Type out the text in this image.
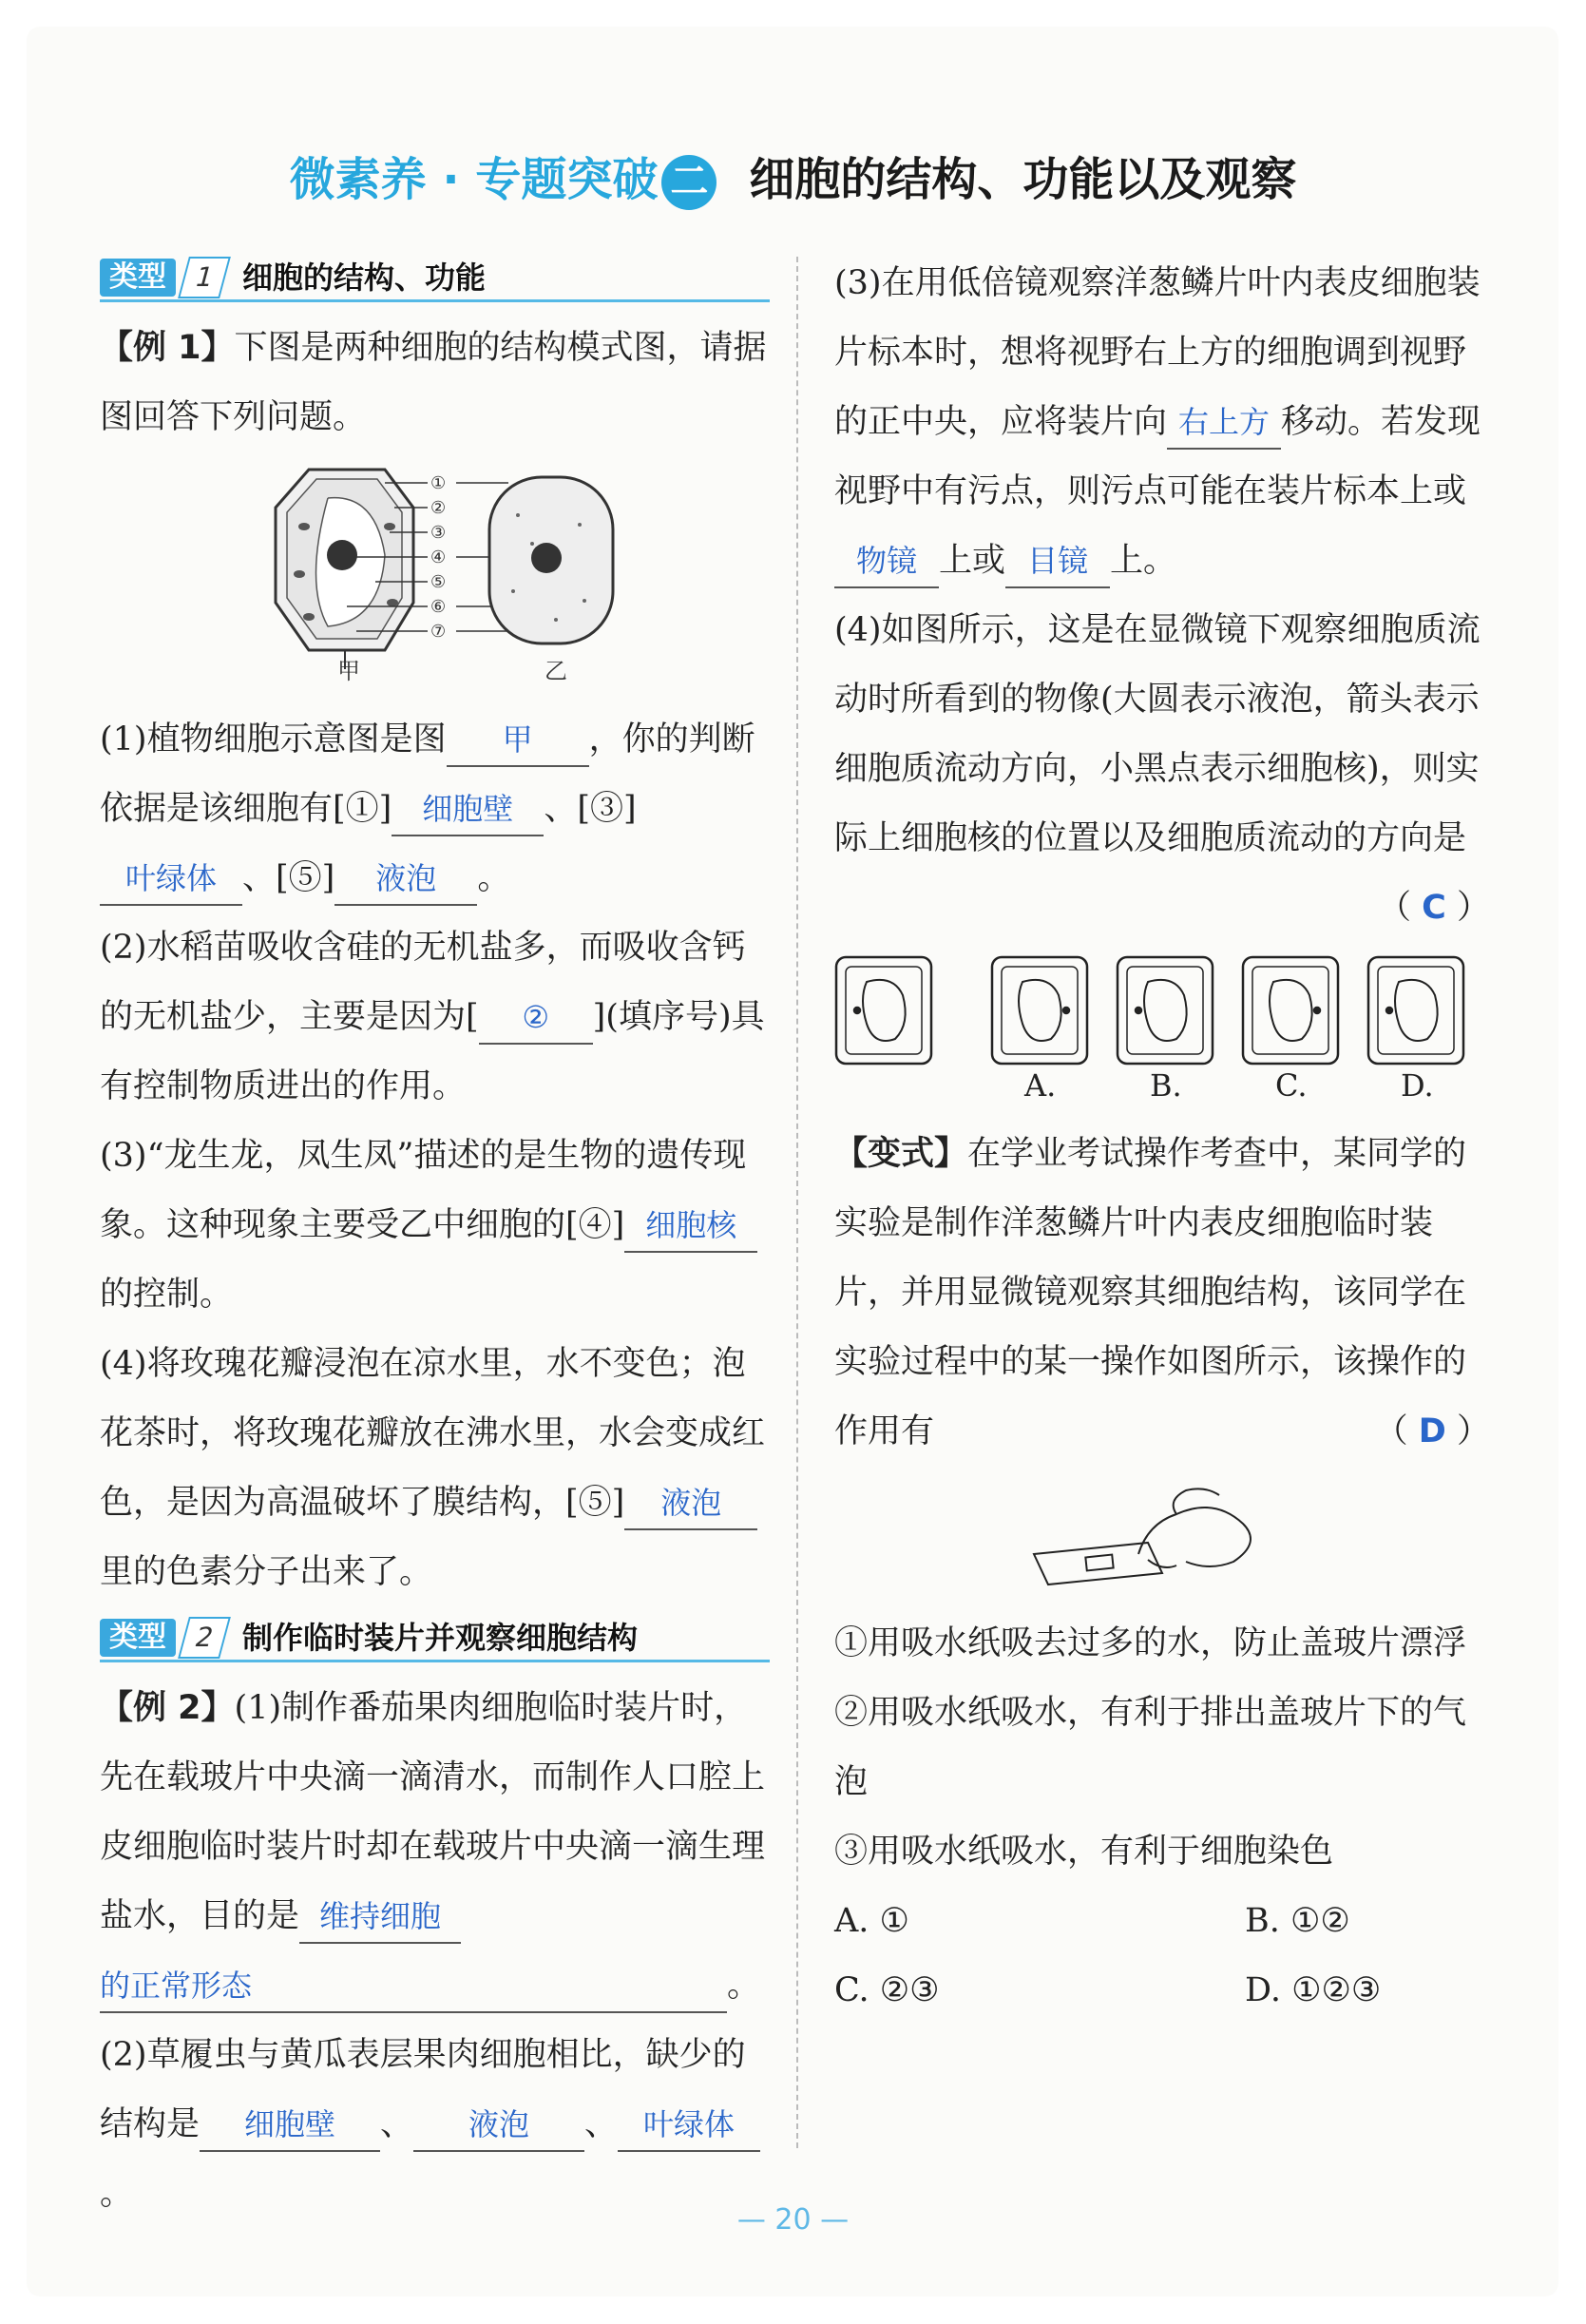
微素养 · 专题突破 二 细胞的结构、功能以及观察
类型 1 细胞的结构、功能

【例 1】下图是两种细胞的结构模式图，请据图回答下列问题。

①
②
③
④
⑤
⑥
⑦
甲	乙

(1)植物细胞示意图是图 甲 ，你的判断依据是该细胞有[①] 细胞壁 、[③]叶绿体 、[⑤] 液泡 。

(2)水稻苗吸收含硅的无机盐多，而吸收含钙的无机盐少，主要是因为[ ② ](填序号)具有控制物质进出的作用。

(3)“龙生龙，凤生凤”描述的是生物的遗传现象。这种现象主要受乙中细胞的[④] 细胞核的控制。

(4)将玫瑰花瓣浸泡在凉水里，水不变色；泡花茶时，将玫瑰花瓣放在沸水里，水会变成红色，是因为高温破坏了膜结构，[⑤] 液泡里的色素分子出来了。

类型 2 制作临时装片并观察细胞结构

【例 2】(1)制作番茄果肉细胞临时装片时，先在载玻片中央滴一滴清水，而制作人口腔上皮细胞临时装片时却在载玻片中央滴一滴生理盐水，目的是 维持细胞的正常形态	。

(2)草履虫与黄瓜表层果肉细胞相比，缺少的结构是 细胞壁 、 液泡 、 叶绿体。

(3)在用低倍镜观察洋葱鳞片叶内表皮细胞装片标本时，想将视野右上方的细胞调到视野的正中央，应将装片向 右上方 移动。若发现视野中有污点，则污点可能在装片标本上或物镜 上或 目镜 上。

(4)如图所示，这是在显微镜下观察细胞质流动时所看到的物像(大圆表示液泡，箭头表示细胞质流动方向，小黑点表示细胞核)，则实际上细胞核的位置以及细胞质流动的方向是
（ C ）

A.	B.	C.	D.

【变式】在学业考试操作考查中，某同学的实验是制作洋葱鳞片叶内表皮细胞临时装片，并用显微镜观察其细胞结构，该同学在实验过程中的某一操作如图所示，该操作的作用有	（ D ）

①用吸水纸吸去过多的水，防止盖玻片漂浮

②用吸水纸吸水，有利于排出盖玻片下的气泡

③用吸水纸吸水，有利于细胞染色

A. ①	B. ①②
C. ②③	D. ①②③
— 20 —
